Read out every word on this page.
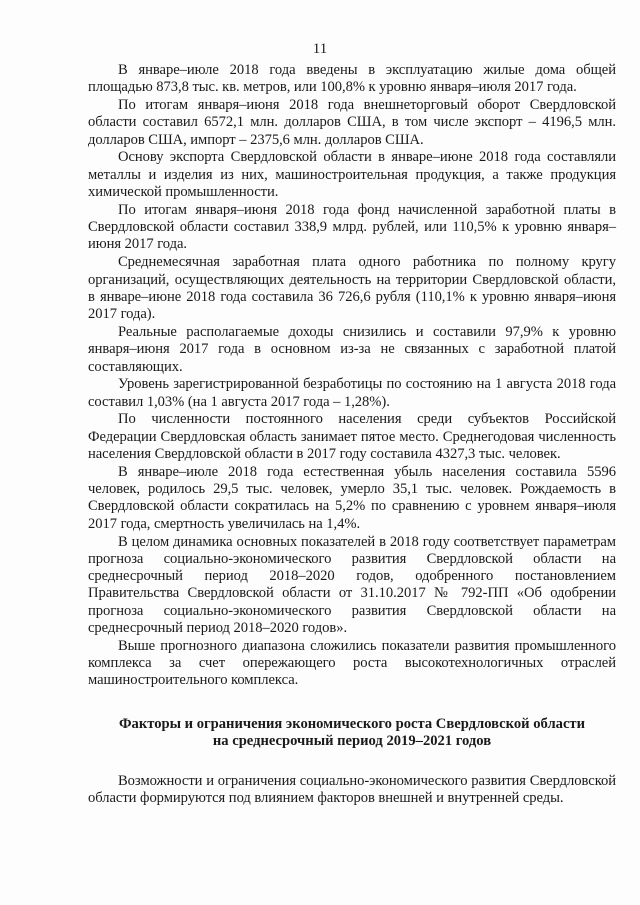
11

В январе–июле 2018 года введены в эксплуатацию жилые дома общей площадью 873,8 тыс. кв. метров, или 100,8% к уровню января–июля 2017 года.

По итогам января–июня 2018 года внешнеторговый оборот Свердловской области составил 6572,1 млн. долларов США, в том числе экспорт – 4196,5 млн. долларов США, импорт – 2375,6 млн. долларов США.

Основу экспорта Свердловской области в январе–июне 2018 года составляли металлы и изделия из них, машиностроительная продукция, а также продукция химической промышленности.

По итогам января–июня 2018 года фонд начисленной заработной платы в Свердловской области составил 338,9 млрд. рублей, или 110,5% к уровню января–июня 2017 года.

Среднемесячная заработная плата одного работника по полному кругу организаций, осуществляющих деятельность на территории Свердловской области, в январе–июне 2018 года составила 36 726,6 рубля (110,1% к уровню января–июня 2017 года).

Реальные располагаемые доходы снизились и составили 97,9% к уровню января–июня 2017 года в основном из-за не связанных с заработной платой составляющих.

Уровень зарегистрированной безработицы по состоянию на 1 августа 2018 года составил 1,03% (на 1 августа 2017 года – 1,28%).

По численности постоянного населения среди субъектов Российской Федерации Свердловская область занимает пятое место. Среднегодовая численность населения Свердловской области в 2017 году составила 4327,3 тыс. человек.

В январе–июле 2018 года естественная убыль населения составила 5596 человек, родилось 29,5 тыс. человек, умерло 35,1 тыс. человек. Рождаемость в Свердловской области сократилась на 5,2% по сравнению с уровнем января–июля 2017 года, смертность увеличилась на 1,4%.

В целом динамика основных показателей в 2018 году соответствует параметрам прогноза социально-экономического развития Свердловской области на среднесрочный период 2018–2020 годов, одобренного постановлением Правительства Свердловской области от 31.10.2017 № 792-ПП «Об одобрении прогноза социально-экономического развития Свердловской области на среднесрочный период 2018–2020 годов».

Выше прогнозного диапазона сложились показатели развития промышленного комплекса за счет опережающего роста высокотехнологичных отраслей машиностроительного комплекса.

Факторы и ограничения экономического роста Свердловской области
на среднесрочный период 2019–2021 годов

Возможности и ограничения социально-экономического развития Свердловской области формируются под влиянием факторов внешней и внутренней среды.
